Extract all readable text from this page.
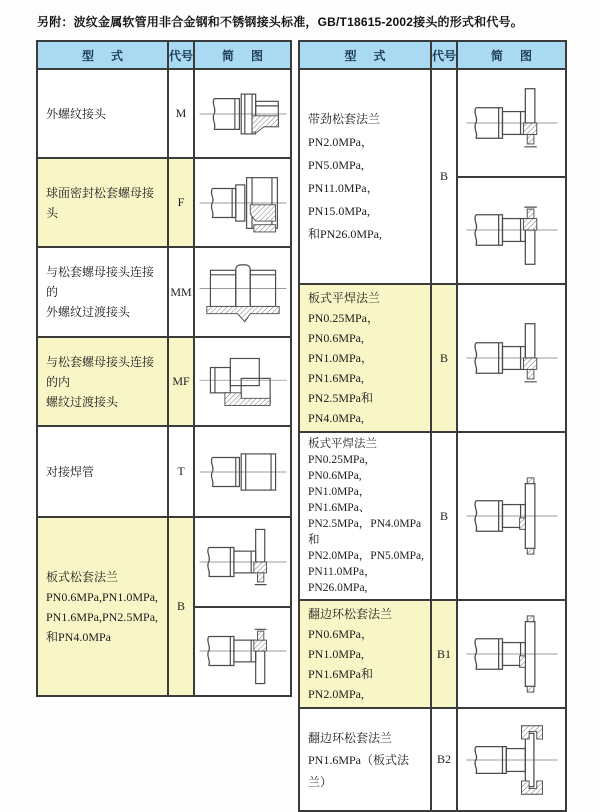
另附：波纹金属软管用非合金钢和不锈钢接头标准，GB/T18615-2002接头的形式和代号。
型 式	代号	简 图
外螺纹接头	M	
球面密封松套螺母接头	F	
与松套螺母接头连接的
外螺纹过渡接头	MM	
与松套螺母接头连接的内
螺纹过渡接头	MF	
对接焊管	T	
板式松套法兰
PN0.6MPa,PN1.0MPa,
PN1.6MPa,PN2.5MPa,
和PN4.0MPa	B	
型 式	代号	简 图
带劲松套法兰
PN2.0MPa，PN5.0MPa,
PN11.0MPa，PN15.0MPa,
和PN26.0MPa,	B	

板式平焊法兰
PN0.25MPa，PN0.6MPa,
PN1.0MPa，PN1.6MPa,
PN2.5MPa和PN4.0MPa,	B	
板式平焊法兰
PN0.25MPa，PN0.6MPa,
PN1.0MPa，PN1.6MPa、
PN2.5MPa，PN4.0MPa和
PN2.0MPa，PN5.0MPa,
PN11.0MPa，PN26.0MPa,	B	
翻边环松套法兰
PN0.6MPa，PN1.0MPa,
PN1.6MPa和PN2.0MPa,	B1	
翻边环松套法兰
PN1.6MPa（板式法兰）	B2	
